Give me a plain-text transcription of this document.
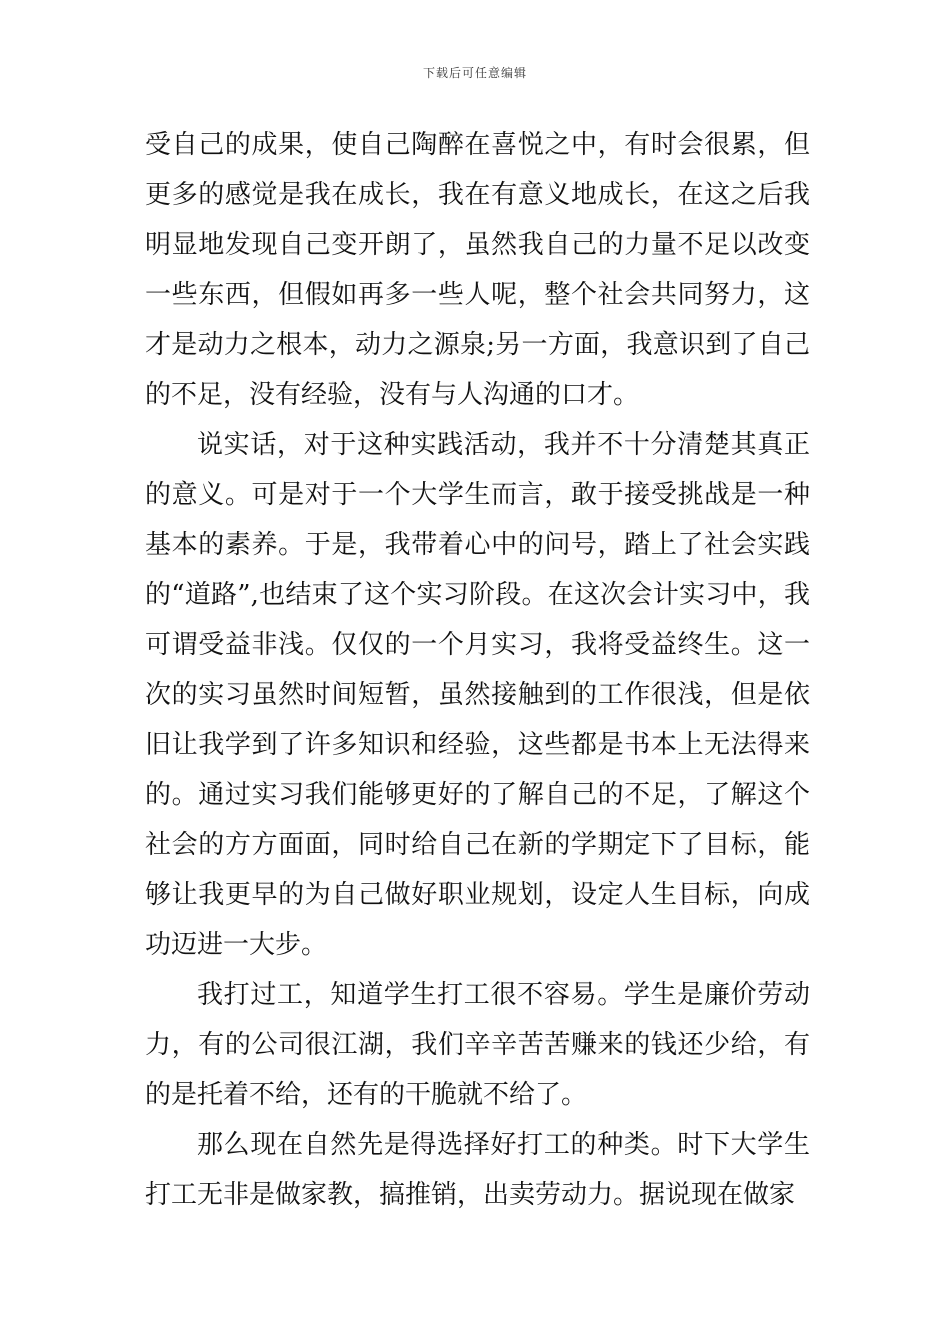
下载后可任意编辑

受自己的成果，使自己陶醉在喜悦之中，有时会很累，但更多的感觉是我在成长，我在有意义地成长，在这之后我明显地发现自己变开朗了，虽然我自己的力量不足以改变一些东西，但假如再多一些人呢，整个社会共同努力，这才是动力之根本，动力之源泉;另一方面，我意识到了自己的不足，没有经验，没有与人沟通的口才。

说实话，对于这种实践活动，我并不十分清楚其真正的意义。可是对于一个大学生而言，敢于接受挑战是一种基本的素养。于是，我带着心中的问号，踏上了社会实践的“道路”,也结束了这个实习阶段。在这次会计实习中，我可谓受益非浅。仅仅的一个月实习，我将受益终生。这一次的实习虽然时间短暂，虽然接触到的工作很浅，但是依旧让我学到了许多知识和经验，这些都是书本上无法得来的。通过实习我们能够更好的了解自己的不足，了解这个社会的方方面面，同时给自己在新的学期定下了目标，能够让我更早的为自己做好职业规划，设定人生目标，向成功迈进一大步。

我打过工，知道学生打工很不容易。学生是廉价劳动力，有的公司很江湖，我们辛辛苦苦赚来的钱还少给，有的是托着不给，还有的干脆就不给了。

那么现在自然先是得选择好打工的种类。时下大学生打工无非是做家教，搞推销，出卖劳动力。据说现在做家
